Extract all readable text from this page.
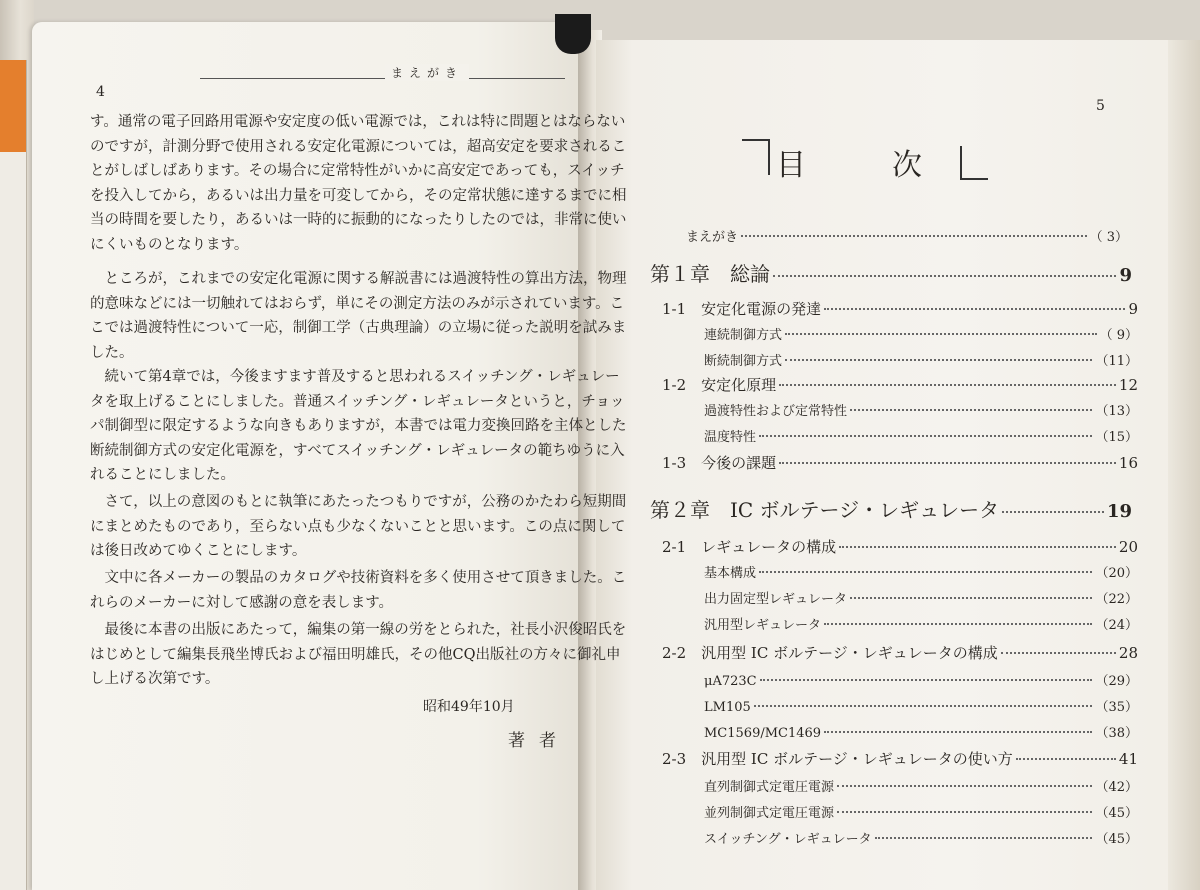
まえがき
4
す。通常の電子回路用電源や安定度の低い電源では，これは特に問題とはならない
のですが，計測分野で使用される安定化電源については，超高安定を要求されるこ
とがしばしばあります。その場合に定常特性がいかに高安定であっても，スイッチ
を投入してから，あるいは出力量を可変してから，その定常状態に達するまでに相
当の時間を要したり，あるいは一時的に振動的になったりしたのでは，非常に使い
にくいものとなります。
　ところが，これまでの安定化電源に関する解説書には過渡特性の算出方法，物理
的意味などには一切触れてはおらず，単にその測定方法のみが示されています。こ
こでは過渡特性について一応，制御工学（古典理論）の立場に従った説明を試みま
した。
　続いて第4章では，今後ますます普及すると思われるスイッチング・レギュレー
タを取上げることにしました。普通スイッチング・レギュレータというと，チョッ
パ制御型に限定するような向きもありますが，本書では電力変換回路を主体とした
断続制御方式の安定化電源を，すべてスイッチング・レギュレータの範ちゆうに入
れることにしました。
　さて，以上の意図のもとに執筆にあたったつもりですが，公務のかたわら短期間
にまとめたものであり，至らない点も少なくないことと思います。この点に関して
は後日改めてゆくことにします。
　文中に各メーカーの製品のカタログや技術資料を多く使用させて頂きました。こ
れらのメーカーに対して感謝の意を表します。
　最後に本書の出版にあたって，編集の第一線の労をとられた，社長小沢俊昭氏を
はじめとして編集長飛坐博氏および福田明雄氏，その他CQ出版社の方々に御礼申
し上げる次第です。
昭和49年10月
著者
5
目次
まえがき	（ 3）
第１章　総論	9
1-1　安定化電源の発達	9
連続制御方式	（ 9）
断続制御方式	（11）
1-2　安定化原理	12
過渡特性および定常特性	（13）
温度特性	（15）
1-3　今後の課題	16
第２章　IC ボルテージ・レギュレータ	19
2-1　レギュレータの構成	20
基本構成	（20）
出力固定型レギュレータ	（22）
汎用型レギュレータ	（24）
2-2　汎用型 IC ボルテージ・レギュレータの構成	28
μA723C	（29）
LM105	（35）
MC1569/MC1469	（38）
2-3　汎用型 IC ボルテージ・レギュレータの使い方	41
直列制御式定電圧電源	（42）
並列制御式定電圧電源	（45）
スイッチング・レギュレータ	（45）
